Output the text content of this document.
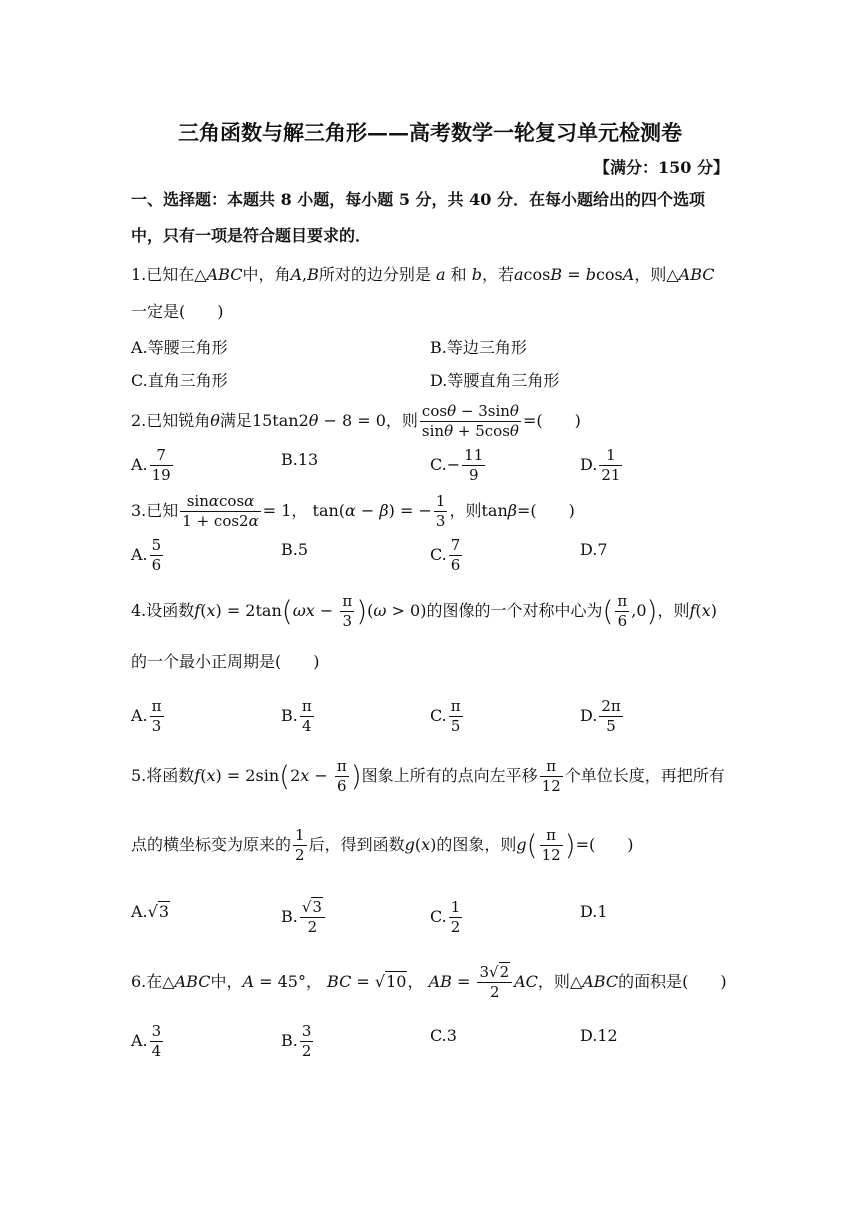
三角函数与解三角形——高考数学一轮复习单元检测卷
【满分：150 分】
一、选择题：本题共 8 小题，每小题 5 分，共 40 分．在每小题给出的四个选项
中，只有一项是符合题目要求的．
1.已知在△ABC中，角A,B所对的边分别是 a 和 b，若acosB = bcosA，则△ABC
一定是(　　)
A.等腰三角形	B.等边三角形
C.直角三角形	D.等腰直角三角形
2.已知锐角θ满足15tan2θ − 8 = 0，则 $\frac{\cos\theta - 3\sin\theta}{\sin\theta + 5\cos\theta}$ =(　　)
A. $\frac{7}{19}$	B.13	$C.- \frac{11}{9}$	D. $\frac{1}{21}$
3.已知 $\frac{\sin\alpha\cos\alpha}{1 + \cos 2\alpha} = 1$， tan(α − β) = − $\frac{1}{3}$ ，则tanβ=(　　)
A. $\frac{5}{6}$	B.5	C. $\frac{7}{6}$	D.7
4.设函数$f(x) = 2\tan(\omega x - \frac{\pi}{3} )(\omega > 0)$的图像的一个对称中心为( $\frac{\pi}{6} ,0$)，则f(x)
的一个最小正周期是(　　)
A. $\frac{\pi}{3}$	B. $\frac{\pi}{4}$	C. $\frac{\pi}{5}$	D. $\frac{2\pi}{5}$
5.将函数$f(x) = 2\sin(2x - \frac{\pi}{6}$ )图象上所有的点向左平移 $\frac{\pi}{12}$ 个单位长度，再把所有
点的横坐标变为原来的 $\frac{1}{2}$ 后，得到函数g(x)的图象，则$g( \frac{\pi}{12}$ )=(　　)
A.√3	B. $\frac{√3}{2}$	C. $\frac{1}{2}$	D.1
6.在△ABC中，A = 45°， BC = √10， AB = $\frac{3√2}{2}$ AC，则△ABC的面积是(　　)
A. $\frac{3}{4}$	B. $\frac{3}{2}$	C.3	D.12
